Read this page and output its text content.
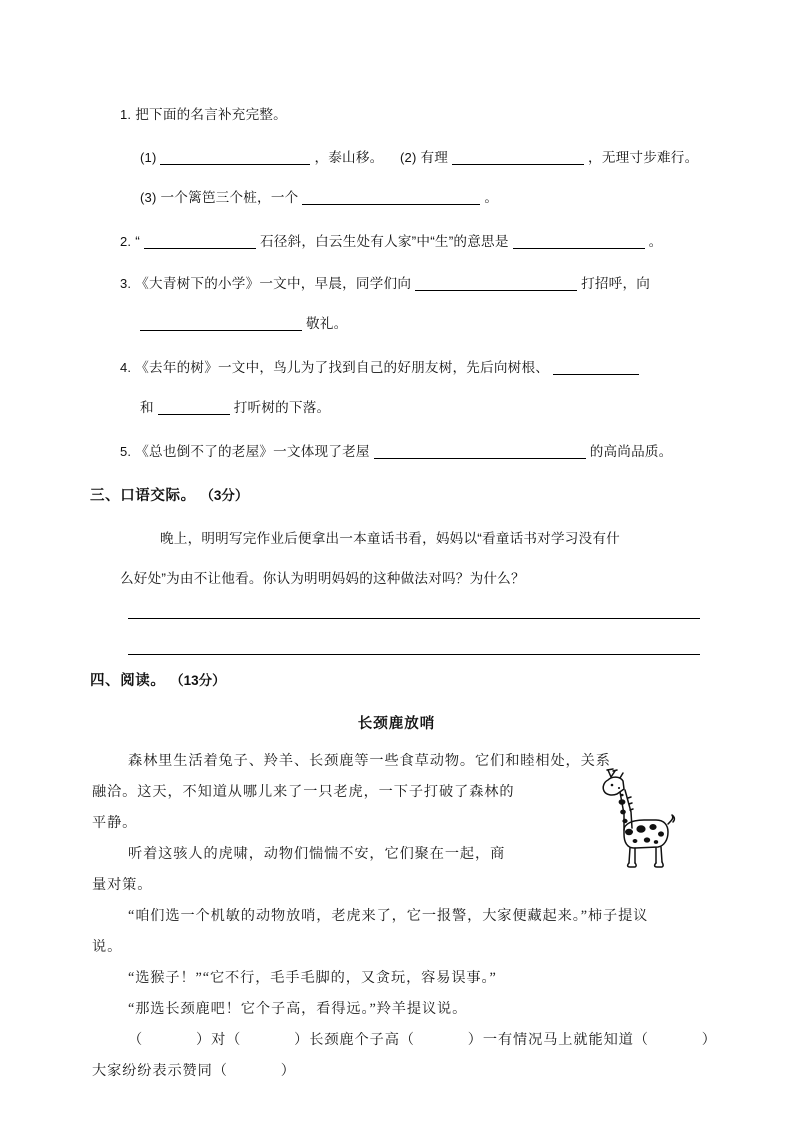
1. 把下面的名言补充完整。
(1)	，泰山移。 (2) 有理	，无理寸步难行。
(3) 一个篱笆三个桩，一个	。
2. “	石径斜，白云生处有人家”中“生”的意思是	。
3. 《大青树下的小学》一文中，早晨，同学们向	打招呼，向
敬礼。
4. 《去年的树》一文中，鸟儿为了找到自己的好朋友树，先后向树根、
和	打听树的下落。
5. 《总也倒不了的老屋》一文体现了老屋	的高尚品质。
三、口语交际。 （3分）
晚上，明明写完作业后便拿出一本童话书看，妈妈以“看童话书对学习没有什
么好处”为由不让他看。你认为明明妈妈的这种做法对吗？为什么？
四、阅读。 （13分）
长颈鹿放哨
森林里生活着兔子、羚羊、长颈鹿等一些食草动物。它们和睦相处，关系
融洽。这天，不知道从哪儿来了一只老虎，一下子打破了森林的
平静。
听着这骇人的虎啸，动物们惴惴不安，它们聚在一起，商
量对策。
“咱们选一个机敏的动物放哨，老虎来了，它一报警，大家便藏起来。”柿子提议
说。
“选猴子！”“它不行，毛手毛脚的，又贪玩，容易误事。”
“那选长颈鹿吧！它个子高，看得远。”羚羊提议说。
（	）对（	）长颈鹿个子高（	）一有情况马上就能知道（	）
大家纷纷表示赞同（	）
